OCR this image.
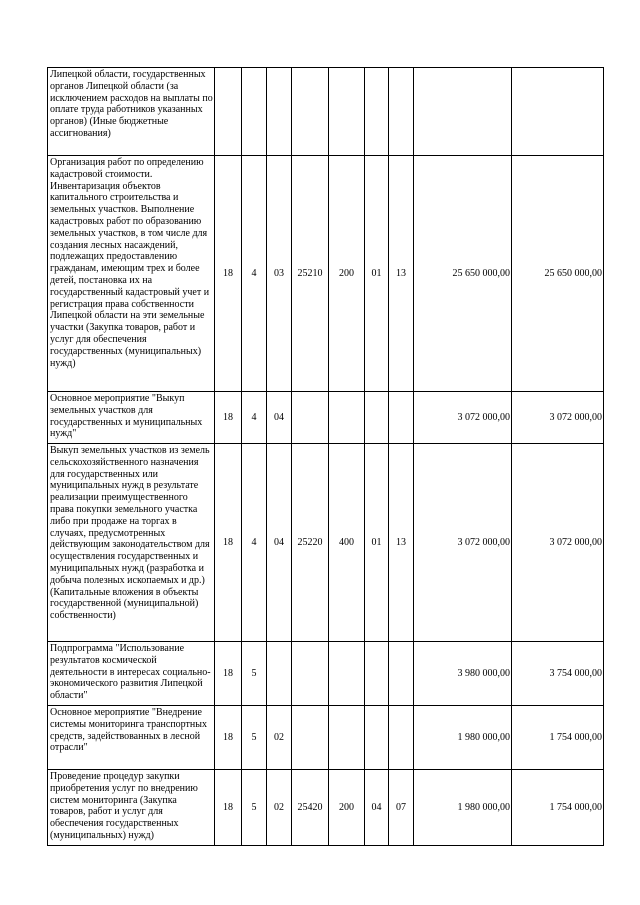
Липецкой области, государственных органов Липецкой области (за исключением расходов на выплаты по оплате труда работников указанных органов) (Иные бюджетные ассигнования)									
Организация работ по определению кадастровой стоимости. Инвентаризация объектов капитального строительства и земельных участков. Выполнение кадастровых работ по образованию земельных участков, в том числе для создания лесных насаждений, подлежащих предоставлению гражданам, имеющим трех и более детей, постановка их на государственный кадастровый учет и регистрация права собственности Липецкой области на эти земельные участки (Закупка товаров, работ и услуг для обеспечения государственных (муниципальных) нужд)	18	4	03	25210	200	01	13	25 650 000,00	25 650 000,00
Основное мероприятие "Выкуп земельных участков для государственных и муниципальных нужд"	18	4	04					3 072 000,00	3 072 000,00
Выкуп земельных участков из земель сельскохозяйственного назначения для государственных или муниципальных нужд в результате реализации преимущественного права покупки земельного участка либо при продаже на торгах в случаях, предусмотренных действующим законодательством для осуществления государственных и муниципальных нужд (разработка и добыча полезных ископаемых и др.) (Капитальные вложения в объекты государственной (муниципальной) собственности)	18	4	04	25220	400	01	13	3 072 000,00	3 072 000,00
Подпрограмма "Использование результатов космической деятельности в интересах социально-экономического развития Липецкой области"	18	5						3 980 000,00	3 754 000,00
Основное мероприятие "Внедрение системы мониторинга транспортных средств, задействованных в лесной отрасли"	18	5	02					1 980 000,00	1 754 000,00
Проведение процедур закупки приобретения услуг по внедрению систем мониторинга (Закупка товаров, работ и услуг для обеспечения государственных (муниципальных) нужд)	18	5	02	25420	200	04	07	1 980 000,00	1 754 000,00
